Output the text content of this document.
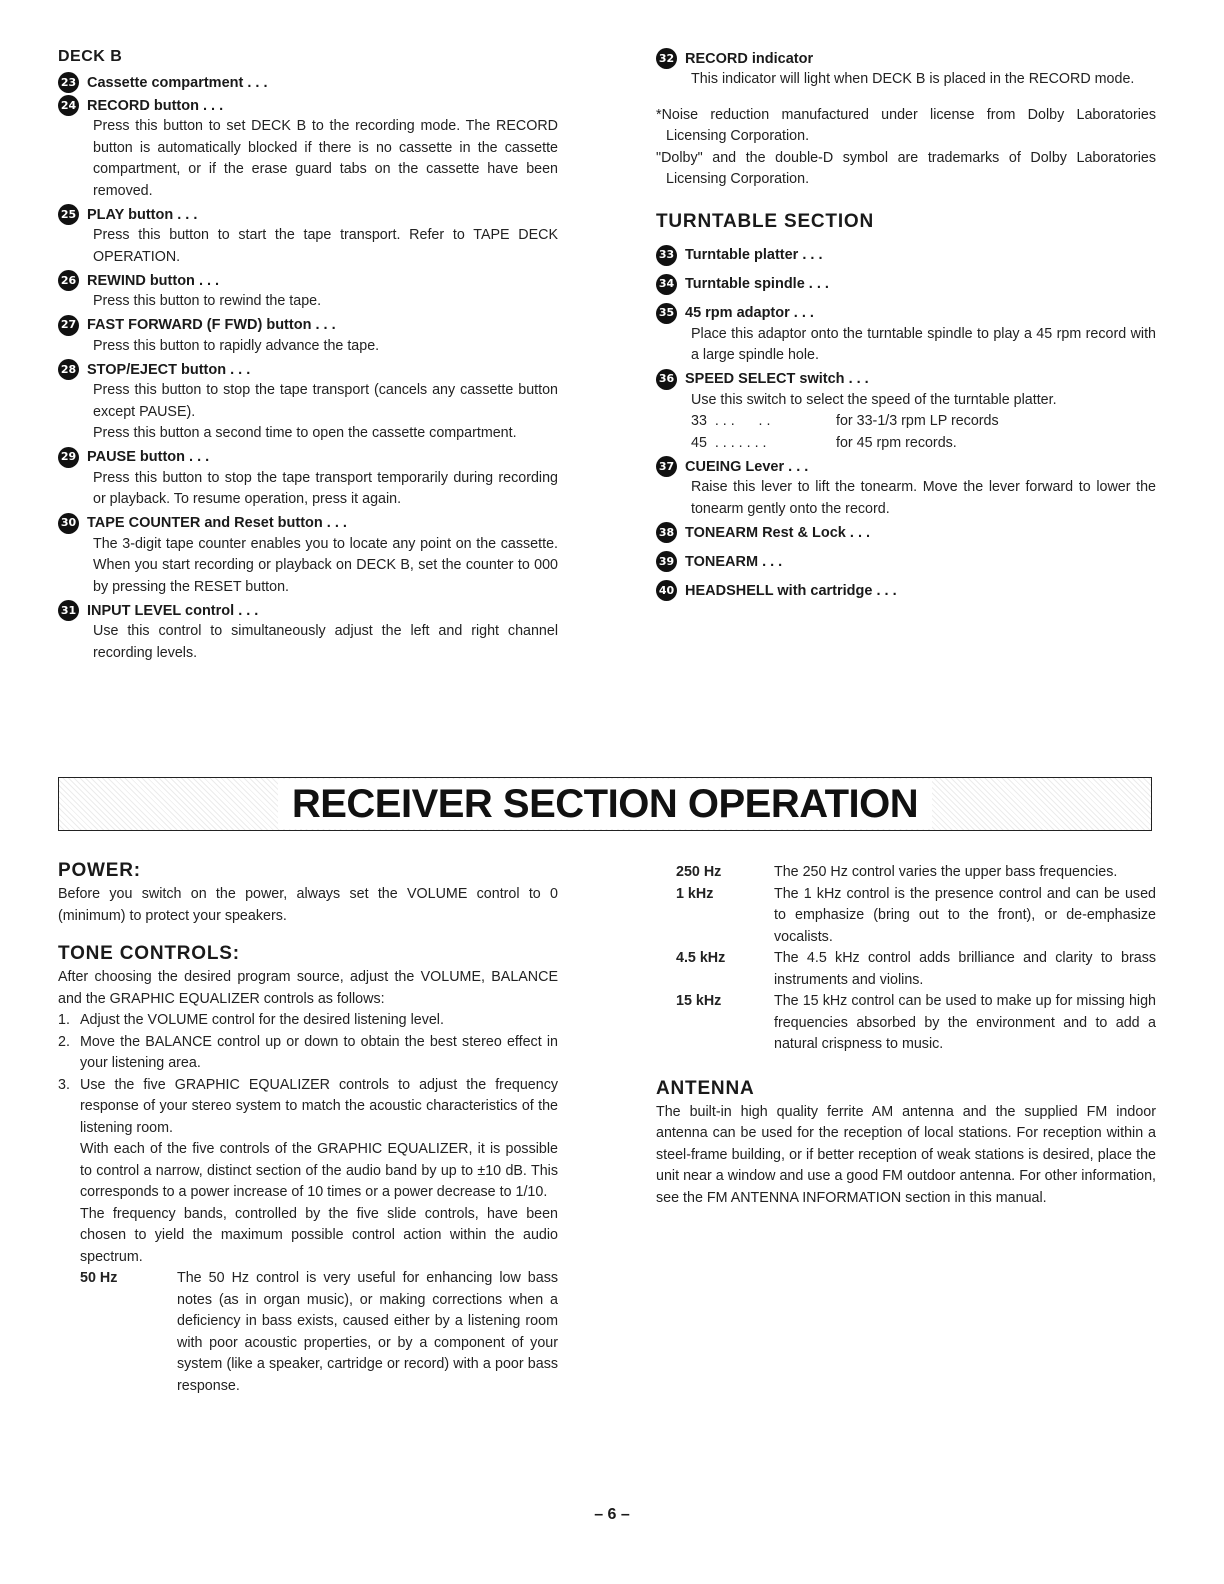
DECK B
23 Cassette compartment . . .
24 RECORD button . . .

Press this button to set DECK B to the recording mode. The RECORD button is automatically blocked if there is no cassette in the cassette compartment, or if the erase guard tabs on the cassette have been removed.

25 PLAY button . . .

Press this button to start the tape transport. Refer to TAPE DECK OPERATION.

26 REWIND button . . .

Press this button to rewind the tape.

27 FAST FORWARD (F FWD) button . . .

Press this button to rapidly advance the tape.

28 STOP/EJECT button . . .

Press this button to stop the tape transport (cancels any cassette button except PAUSE).

Press this button a second time to open the cassette compartment.

29 PAUSE button . . .

Press this button to stop the tape transport temporarily during recording or playback. To resume operation, press it again.

30 TAPE COUNTER and Reset button . . .

The 3-digit tape counter enables you to locate any point on the cassette. When you start recording or playback on DECK B, set the counter to 000 by pressing the RESET button.

31 INPUT LEVEL control . . .

Use this control to simultaneously adjust the left and right channel recording levels.

32 RECORD indicator

This indicator will light when DECK B is placed in the RECORD mode.

*Noise reduction manufactured under license from Dolby Laboratories Licensing Corporation.

"Dolby" and the double-D symbol are trademarks of Dolby Laboratories Licensing Corporation.

TURNTABLE SECTION
33 Turntable platter . . .
34 Turntable spindle . . .
35 45 rpm adaptor . . .

Place this adaptor onto the turntable spindle to play a 45 rpm record with a large spindle hole.

36 SPEED SELECT switch . . .

Use this switch to select the speed of the turntable platter.

33  . . .      . .	for 33-1/3 rpm LP records
45  . . . . . . .	for 45 rpm records.
37 CUEING Lever . . .

Raise this lever to lift the tonearm. Move the lever forward to lower the tonearm gently onto the record.

38 TONEARM Rest & Lock . . .
39 TONEARM . . .
40 HEADSHELL with cartridge . . .
RECEIVER SECTION OPERATION
POWER:

Before you switch on the power, always set the VOLUME control to 0 (minimum) to protect your speakers.

TONE CONTROLS:

After choosing the desired program source, adjust the VOLUME, BALANCE and the GRAPHIC EQUALIZER controls as follows:

1. Adjust the VOLUME control for the desired listening level.

2. Move the BALANCE control up or down to obtain the best stereo effect in your listening area.

3. Use the five GRAPHIC EQUALIZER controls to adjust the frequency response of your stereo system to match the acoustic characteristics of the listening room.

With each of the five controls of the GRAPHIC EQUALIZER, it is possible to control a narrow, distinct section of the audio band by up to ±10 dB. This corresponds to a power increase of 10 times or a power decrease to 1/10.

The frequency bands, controlled by the five slide controls, have been chosen to yield the maximum possible control action within the audio spectrum.

50 Hz	The 50 Hz control is very useful for enhancing low bass notes (as in organ music), or making corrections when a deficiency in bass exists, caused either by a listening room with poor acoustic properties, or by a component of your system (like a speaker, cartridge or record) with a poor bass response.
250 Hz	The 250 Hz control varies the upper bass frequencies.
1 kHz	The 1 kHz control is the presence control and can be used to emphasize (bring out to the front), or de-emphasize vocalists.
4.5 kHz	The 4.5 kHz control adds brilliance and clarity to brass instruments and violins.
15 kHz	The 15 kHz control can be used to make up for missing high frequencies absorbed by the environment and to add a natural crispness to music.
ANTENNA

The built-in high quality ferrite AM antenna and the supplied FM indoor antenna can be used for the reception of local stations. For reception within a steel-frame building, or if better reception of weak stations is desired, place the unit near a window and use a good FM outdoor antenna. For other information, see the FM ANTENNA INFORMATION section in this manual.

– 6 –
